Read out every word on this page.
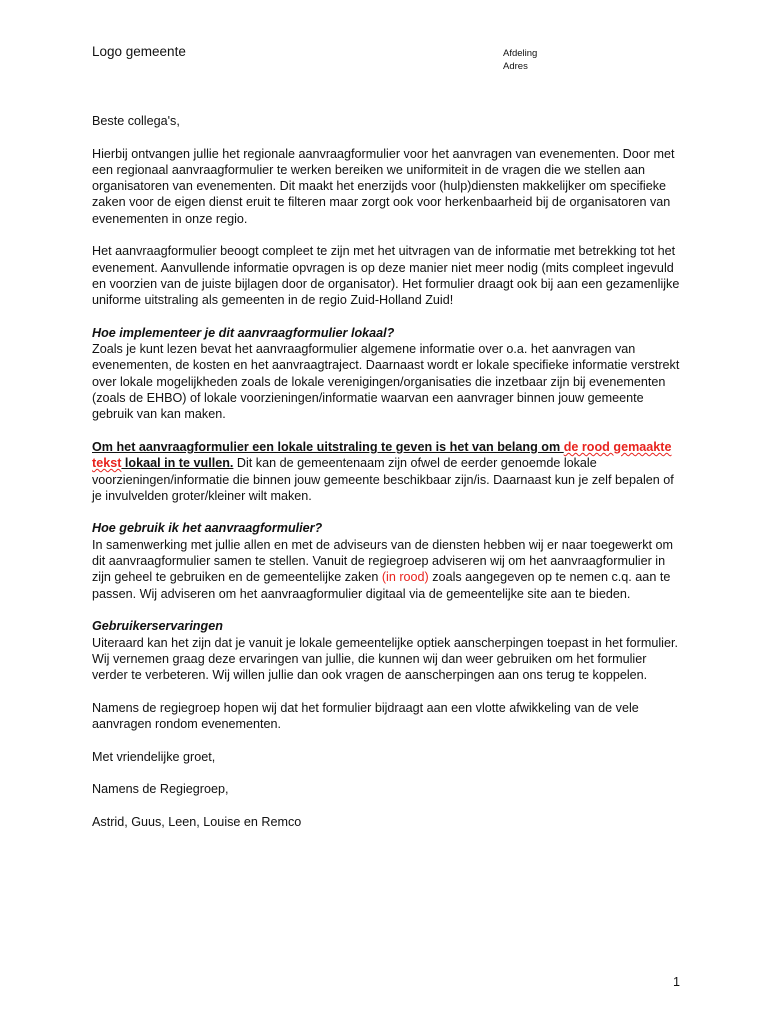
Logo gemeente	Afdeling
Adres

Beste collega's,

Hierbij ontvangen jullie het regionale aanvraagformulier voor het aanvragen van evenementen. Door met een regionaal aanvraagformulier te werken bereiken we uniformiteit in de vragen die we stellen aan organisatoren van evenementen. Dit maakt het enerzijds voor (hulp)diensten makkelijker om specifieke zaken voor de eigen dienst eruit te filteren maar zorgt ook voor herkenbaarheid bij de organisatoren van evenementen in onze regio.

Het aanvraagformulier beoogt compleet te zijn met het uitvragen van de informatie met betrekking tot het evenement. Aanvullende informatie opvragen is op deze manier niet meer nodig (mits compleet ingevuld en voorzien van de juiste bijlagen door de organisator). Het formulier draagt ook bij aan een gezamenlijke uniforme uitstraling als gemeenten in de regio Zuid-Holland Zuid!

Hoe implementeer je dit aanvraagformulier lokaal?
Zoals je kunt lezen bevat het aanvraagformulier algemene informatie over o.a. het aanvragen van evenementen, de kosten en het aanvraagtraject. Daarnaast wordt er lokale specifieke informatie verstrekt over lokale mogelijkheden zoals de lokale verenigingen/organisaties die inzetbaar zijn bij evenementen (zoals de EHBO) of lokale voorzieningen/informatie waarvan een aanvrager binnen jouw gemeente gebruik van kan maken.

Om het aanvraagformulier een lokale uitstraling te geven is het van belang om de rood gemaakte tekst lokaal in te vullen. Dit kan de gemeentenaam zijn ofwel de eerder genoemde lokale voorzieningen/informatie die binnen jouw gemeente beschikbaar zijn/is. Daarnaast kun je zelf bepalen of je invulvelden groter/kleiner wilt maken.

Hoe gebruik ik het aanvraagformulier?
In samenwerking met jullie allen en met de adviseurs van de diensten hebben wij er naar toegewerkt om dit aanvraagformulier samen te stellen. Vanuit de regiegroep adviseren wij om het aanvraagformulier in zijn geheel te gebruiken en de gemeentelijke zaken (in rood) zoals aangegeven op te nemen c.q. aan te passen. Wij adviseren om het aanvraagformulier digitaal via de gemeentelijke site aan te bieden.

Gebruikerservaringen
Uiteraard kan het zijn dat je vanuit je lokale gemeentelijke optiek aanscherpingen toepast in het formulier. Wij vernemen graag deze ervaringen van jullie, die kunnen wij dan weer gebruiken om het formulier verder te verbeteren. Wij willen jullie dan ook vragen de aanscherpingen aan ons terug te koppelen.

Namens de regiegroep hopen wij dat het formulier bijdraagt aan een vlotte afwikkeling van de vele aanvragen rondom evenementen.

Met vriendelijke groet,

Namens de Regiegroep,

Astrid, Guus, Leen, Louise en Remco

1
